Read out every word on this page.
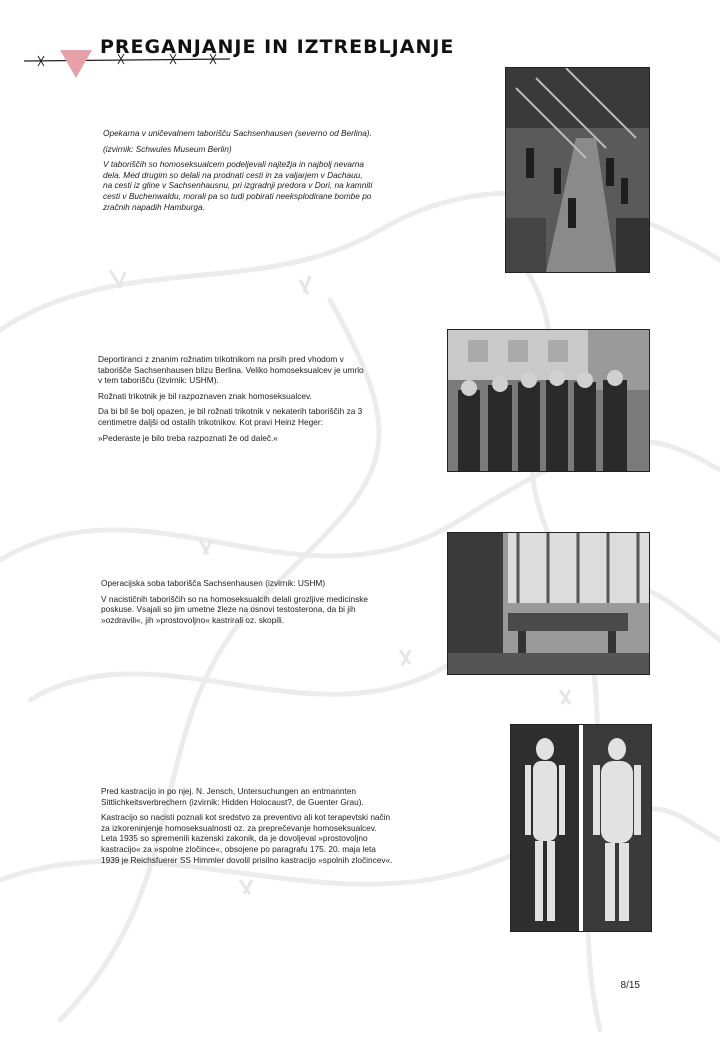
PREGANJANJE IN IZTREBLJANJE

Opekarna v uničevalnem taborišču Sachsenhausen (severno od Berlina).

(izvirnik: Schwules Museum Berlin)

V taboriščih so homoseksualcem podeljevali najtežja in najbolj nevarna dela. Med drugim so delali na prodnati cesti in za valjarjem v Dachauu, na cesti iz gline v Sachsenhausnu, pri izgradnji predora v Dori, na kamniti cesti v Buchenwaldu, morali pa so tudi pobirati neeksplodirane bombe po zračnih napadih Hamburga.

Deportiranci z znanim rožnatim trikotnikom na prsih pred vhodom v taborišče Sachsenhausen blizu Berlina. Veliko homoseksualcev je umrlo v tem taborišču (izvirnik: USHM).

Rožnati trikotnik je bil razpoznaven znak homoseksualcev.

Da bi bil še bolj opazen, je bil rožnati trikotnik v nekaterih taboriščih za 3 centimetre daljši od ostalih trikotnikov. Kot pravi Heinz Heger:

»Pederaste je bilo treba razpoznati že od daleč.«

Operacijska soba taborišča Sachsenhausen (izvirnik: USHM)

V nacističnih taboriščih so na homoseksualcih delali grozljive medicinske poskuse. Vsajali so jim umetne žleze na osnovi testosterona, da bi jih »ozdravili«, jih »prostovoljno« kastrirali oz. skopili.

Pred kastracijo in po njej. N. Jensch, Untersuchungen an entmannten Sittlichkeitsverbrechern (izvirnik: Hidden Holocaust?, de Guenter Grau).

Kastracijo so nacisti poznali kot sredstvo za preventivo ali kot terapevtski način za izkoreninjenje homoseksualnosti oz. za preprečevanje homoseksualcev. Leta 1935 so spremenili kazenski zakonik, da je dovoljeval »prostovoljno kastracijo« za »spolne zločince«, obsojene po paragrafu 175. 20. maja leta 1939 je Reichsfuerer SS Himmler dovolil prisilno kastracijo »spolnih zločincev«.

8/15
